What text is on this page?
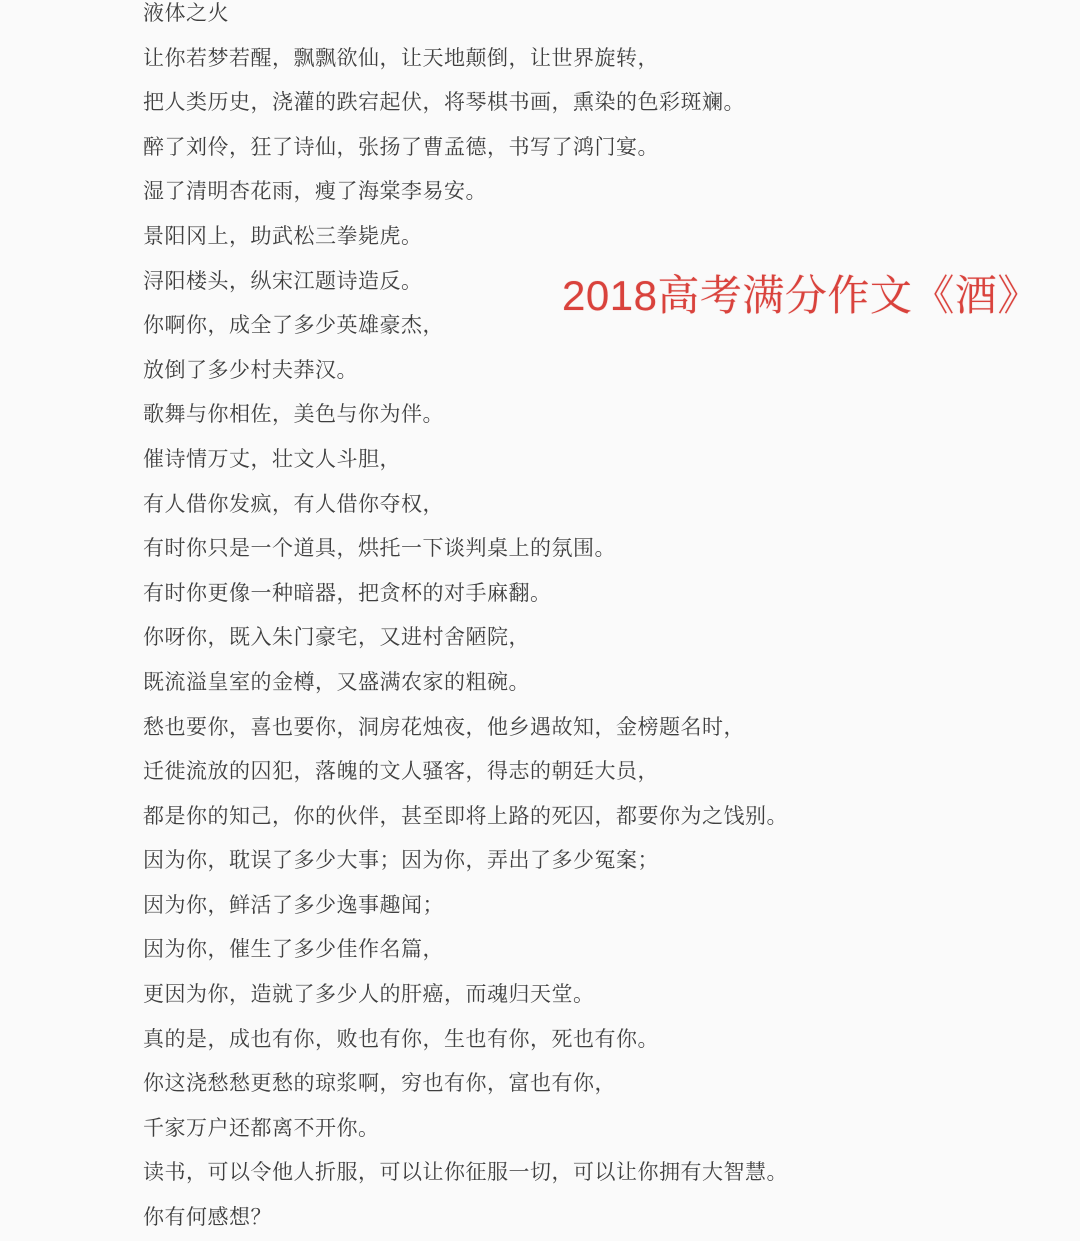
液体之火

让你若梦若醒，飘飘欲仙，让天地颠倒，让世界旋转，

把人类历史，浇灌的跌宕起伏，将琴棋书画，熏染的色彩斑斓。

醉了刘伶，狂了诗仙，张扬了曹孟德，书写了鸿门宴。

湿了清明杏花雨，瘦了海棠李易安。

景阳冈上，助武松三拳毙虎。

浔阳楼头，纵宋江题诗造反。

你啊你，成全了多少英雄豪杰，

放倒了多少村夫莽汉。

歌舞与你相佐，美色与你为伴。

催诗情万丈，壮文人斗胆，

有人借你发疯，有人借你夺权，

有时你只是一个道具，烘托一下谈判桌上的氛围。

有时你更像一种暗器，把贪杯的对手麻翻。

你呀你，既入朱门豪宅，又进村舍陋院，

既流溢皇室的金樽，又盛满农家的粗碗。

愁也要你，喜也要你，洞房花烛夜，他乡遇故知，金榜题名时，

迁徙流放的囚犯，落魄的文人骚客，得志的朝廷大员，

都是你的知己，你的伙伴，甚至即将上路的死囚，都要你为之饯别。

因为你，耽误了多少大事；因为你，弄出了多少冤案；

因为你，鲜活了多少逸事趣闻；

因为你，催生了多少佳作名篇，

更因为你，造就了多少人的肝癌，而魂归天堂。

真的是，成也有你，败也有你，生也有你，死也有你。

你这浇愁愁更愁的琼浆啊，穷也有你，富也有你，

千家万户还都离不开你。

读书，可以令他人折服，可以让你征服一切，可以让你拥有大智慧。

你有何感想？

2018高考满分作文《酒》
